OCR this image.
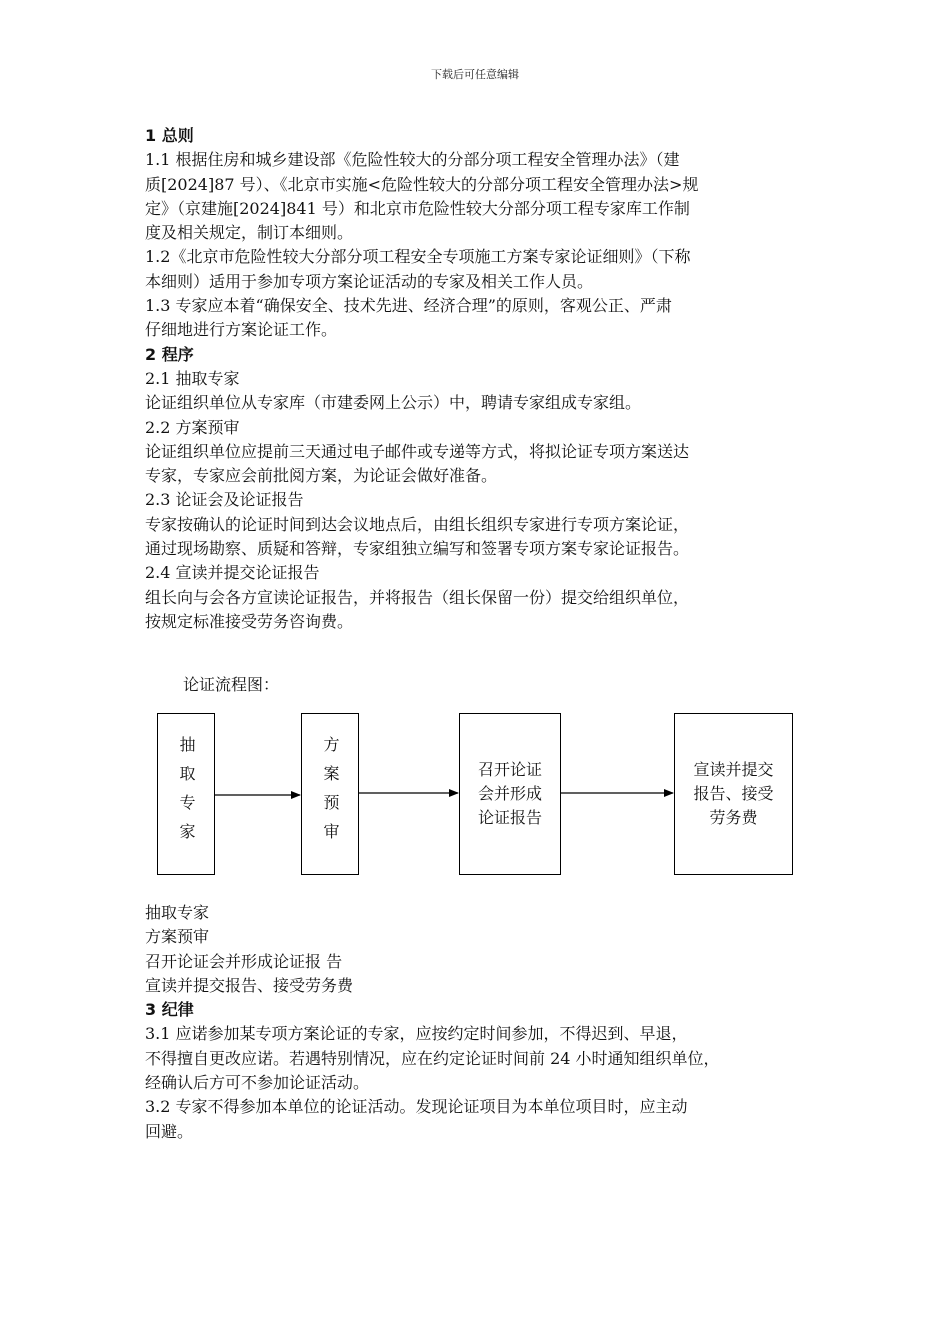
下载后可任意编辑

1 总则

1.1 根据住房和城乡建设部《危险性较大的分部分项工程安全管理办法》（建

质[2024]87 号）、《北京市实施<危险性较大的分部分项工程安全管理办法>规

定》（京建施[2024]841 号）和北京市危险性较大分部分项工程专家库工作制

度及相关规定，制订本细则。

1.2《北京市危险性较大分部分项工程安全专项施工方案专家论证细则》（下称

本细则）适用于参加专项方案论证活动的专家及相关工作人员。

1.3 专家应本着“确保安全、技术先进、经济合理”的原则，客观公正、严肃

仔细地进行方案论证工作。

2 程序

2.1 抽取专家

论证组织单位从专家库（市建委网上公示）中，聘请专家组成专家组。

2.2 方案预审

论证组织单位应提前三天通过电子邮件或专递等方式，将拟论证专项方案送达

专家，专家应会前批阅方案，为论证会做好准备。

2.3 论证会及论证报告

专家按确认的论证时间到达会议地点后，由组长组织专家进行专项方案论证，

通过现场勘察、质疑和答辩，专家组独立编写和签署专项方案专家论证报告。

2.4 宣读并提交论证报告

组长向与会各方宣读论证报告，并将报告（组长保留一份）提交给组织单位，

按规定标准接受劳务咨询费。

论证流程图：
抽取专家	方案预审	召开论证
会并形成
论证报告
宣读并提交
报告、接受
劳务费

抽取专家

方案预审

召开论证会并形成论证报 告

宣读并提交报告、接受劳务费

3 纪律

3.1 应诺参加某专项方案论证的专家，应按约定时间参加，不得迟到、早退，

不得擅自更改应诺。若遇特别情况，应在约定论证时间前 24 小时通知组织单位，

经确认后方可不参加论证活动。

3.2 专家不得参加本单位的论证活动。发现论证项目为本单位项目时，应主动

回避。
